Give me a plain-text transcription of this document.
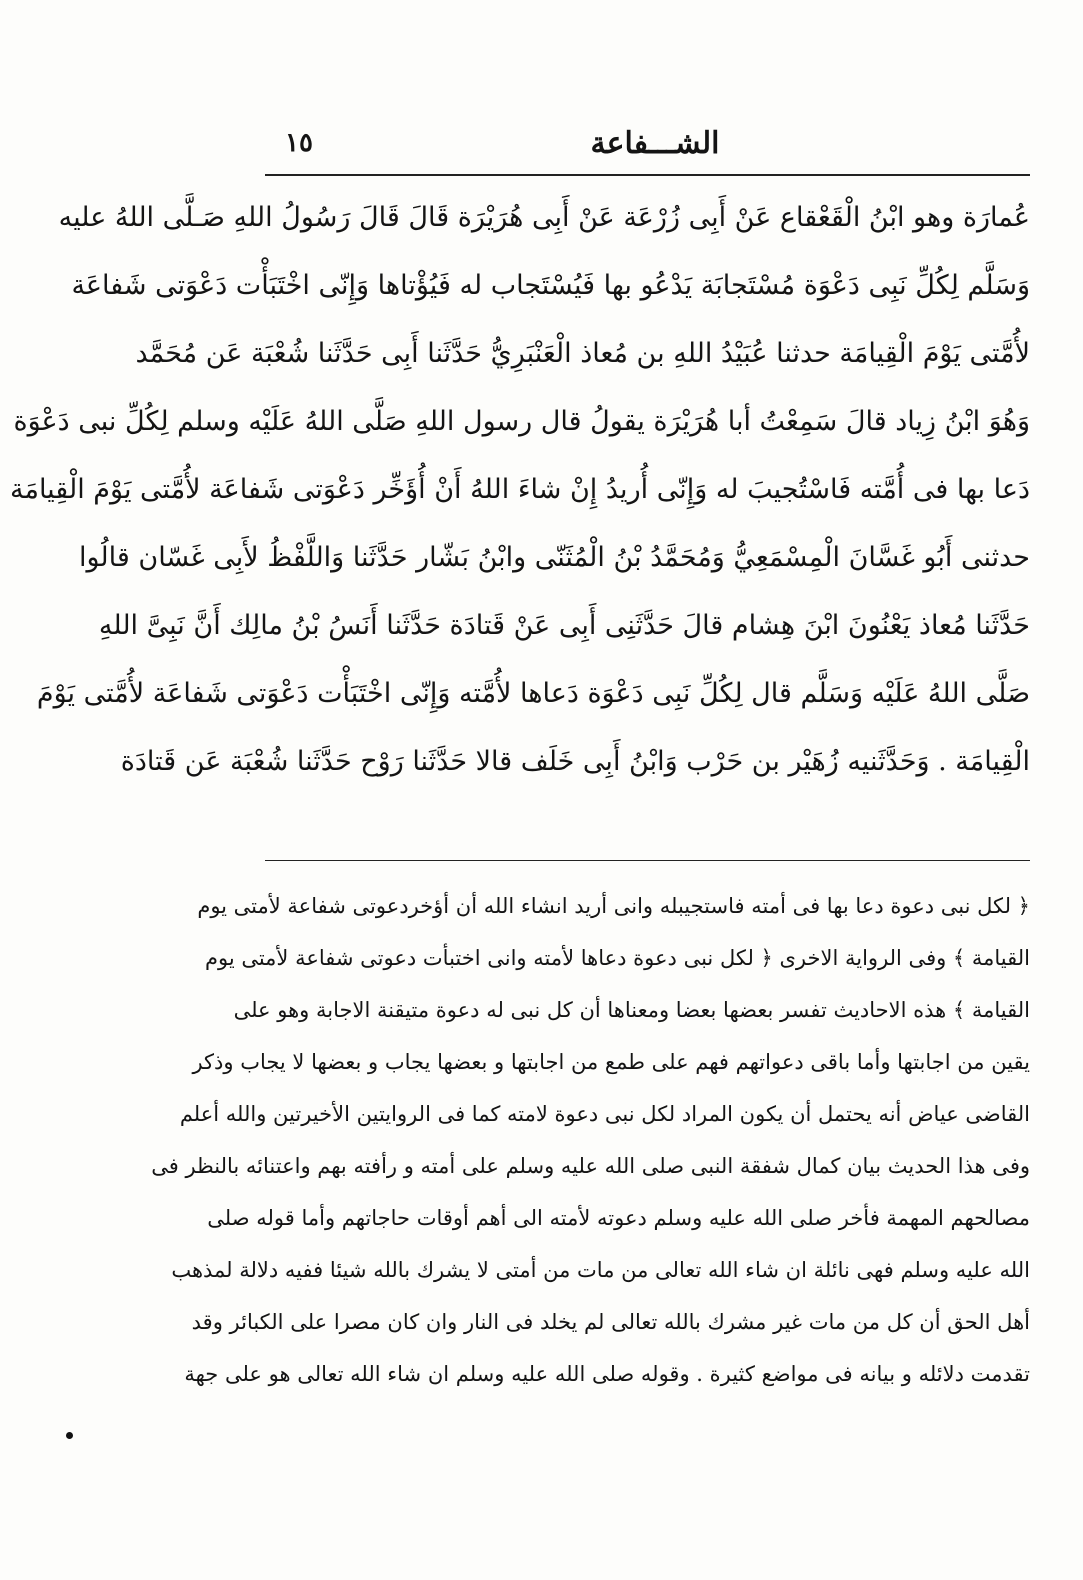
الشـــفاعة
١٥
عُمارَة وهو ابْنُ الْقَعْقاع عَنْ أَبِى زُرْعَة عَنْ أَبِى هُرَيْرَة قَالَ قَالَ رَسُولُ اللهِ صَـلَّى اللهُ عليه
وَسَلَّم لِكُلِّ نَبِى دَعْوَة مُسْتَجابَة يَدْعُو بها فَيُسْتَجاب له فَيُؤْتاها وَإِنّى اخْتَبَأْت دَعْوَتى شَفاعَة
لأُمَّتى يَوْمَ الْقِيامَة حدثنا عُبَيْدُ اللهِ بن مُعاذ الْعَنْبَرِيُّ حَدَّثَنا أَبِى حَدَّثَنا شُعْبَة عَن مُحَمَّد
وَهُوَ ابْنُ زِياد قالَ سَمِعْتُ أبا هُرَيْرَة يقولُ قال رسول اللهِ صَلَّى اللهُ عَلَيْه وسلم لِكُلِّ نبى دَعْوَة
دَعا بها فى أُمَّته فَاسْتُجيبَ له وَإِنّى أُريدُ إِنْ شاءَ اللهُ أَنْ أُؤَخِّر دَعْوَتى شَفاعَة لأُمَّتى يَوْمَ الْقِيامَة
حدثنى أَبُو غَسَّانَ الْمِسْمَعِيُّ وَمُحَمَّدُ بْنُ الْمُثَنّى وابْنُ بَشّار حَدَّثَنا وَاللَّفْظُ لأَبِى غَسّان قالُوا
حَدَّثَنا مُعاذ يَعْنُونَ ابْنَ هِشام قالَ حَدَّثَنِى أَبِى عَنْ قَتادَة حَدَّثَنا أَنَسُ بْنُ مالِك أَنَّ نَبِىَّ اللهِ
صَلَّى اللهُ عَلَيْه وَسَلَّم قال لِكُلِّ نَبِى دَعْوَة دَعاها لأُمَّته وَإِنّى اخْتَبَأْت دَعْوَتى شَفاعَة لأُمَّتى يَوْمَ
الْقِيامَة . وَحَدَّثَنيه زُهَيْر بن حَرْب وَابْنُ أَبِى خَلَف قالا حَدَّثَنا رَوْح حَدَّثَنا شُعْبَة عَن قَتادَة
﴿ لكل نبى دعوة دعا بها فى أمته فاستجيبله وانى أريد انشاء الله أن أؤخردعوتى شفاعة لأمتى يوم
القيامة ﴾ وفى الرواية الاخرى ﴿ لكل نبى دعوة دعاها لأمته وانى اختبأت دعوتى شفاعة لأمتى يوم
القيامة ﴾ هذه الاحاديث تفسر بعضها بعضا ومعناها أن كل نبى له دعوة متيقنة الاجابة وهو على
يقين من اجابتها وأما باقى دعواتهم فهم على طمع من اجابتها و بعضها يجاب و بعضها لا يجاب وذكر
القاضى عياض أنه يحتمل أن يكون المراد لكل نبى دعوة لامته كما فى الروايتين الأخيرتين والله أعلم
وفى هذا الحديث بيان كمال شفقة النبى صلى الله عليه وسلم على أمته و رأفته بهم واعتنائه بالنظر فى
مصالحهم المهمة فأخر صلى الله عليه وسلم دعوته لأمته الى أهم أوقات حاجاتهم وأما قوله صلى
الله عليه وسلم فهى نائلة ان شاء الله تعالى من مات من أمتى لا يشرك بالله شيئا ففيه دلالة لمذهب
أهل الحق أن كل من مات غير مشرك بالله تعالى لم يخلد فى النار وان كان مصرا على الكبائر وقد
تقدمت دلائله و بيانه فى مواضع كثيرة . وقوله صلى الله عليه وسلم ان شاء الله تعالى هو على جهة
